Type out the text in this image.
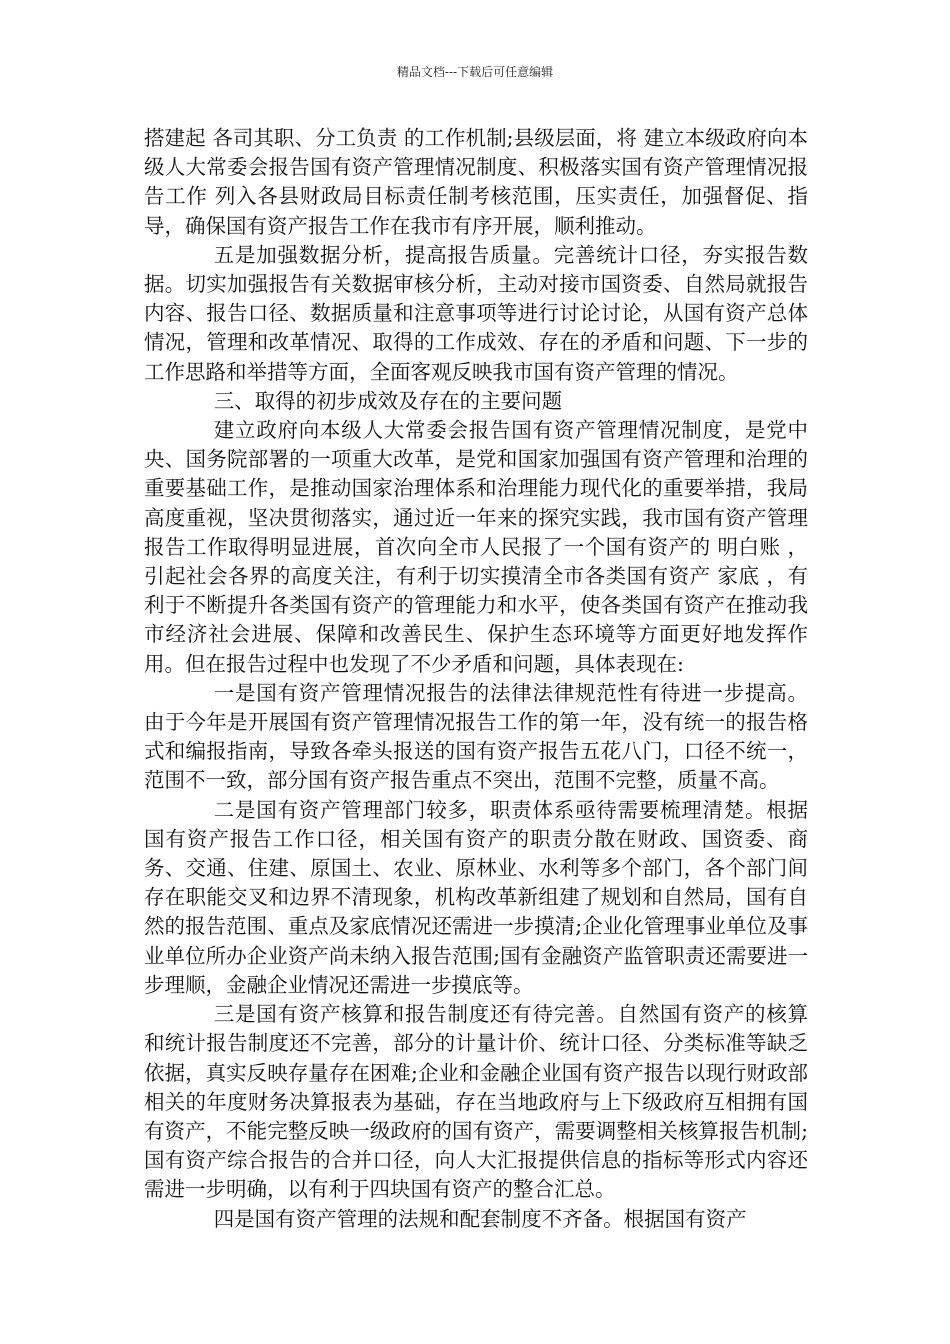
精品文档---下载后可任意编辑

搭建起 各司其职、分工负责 的工作机制;县级层面，将 建立本级政府向本级人大常委会报告国有资产管理情况制度、积极落实国有资产管理情况报告工作 列入各县财政局目标责任制考核范围，压实责任，加强督促、指导，确保国有资产报告工作在我市有序开展，顺利推动。

五是加强数据分析，提高报告质量。完善统计口径，夯实报告数据。切实加强报告有关数据审核分析，主动对接市国资委、自然局就报告内容、报告口径、数据质量和注意事项等进行讨论讨论，从国有资产总体情况，管理和改革情况、取得的工作成效、存在的矛盾和问题、下一步的工作思路和举措等方面，全面客观反映我市国有资产管理的情况。

三、取得的初步成效及存在的主要问题

建立政府向本级人大常委会报告国有资产管理情况制度，是党中央、国务院部署的一项重大改革，是党和国家加强国有资产管理和治理的重要基础工作，是推动国家治理体系和治理能力现代化的重要举措，我局高度重视，坚决贯彻落实，通过近一年来的探究实践，我市国有资产管理报告工作取得明显进展，首次向全市人民报了一个国有资产的 明白账 ，引起社会各界的高度关注，有利于切实摸清全市各类国有资产 家底 ，有利于不断提升各类国有资产的管理能力和水平，使各类国有资产在推动我市经济社会进展、保障和改善民生、保护生态环境等方面更好地发挥作用。但在报告过程中也发现了不少矛盾和问题，具体表现在:

一是国有资产管理情况报告的法律法律规范性有待进一步提高。由于今年是开展国有资产管理情况报告工作的第一年，没有统一的报告格式和编报指南，导致各牵头报送的国有资产报告五花八门，口径不统一，范围不一致，部分国有资产报告重点不突出，范围不完整，质量不高。

二是国有资产管理部门较多，职责体系亟待需要梳理清楚。根据国有资产报告工作口径，相关国有资产的职责分散在财政、国资委、商务、交通、住建、原国土、农业、原林业、水利等多个部门，各个部门间存在职能交叉和边界不清现象，机构改革新组建了规划和自然局，国有自然的报告范围、重点及家底情况还需进一步摸清;企业化管理事业单位及事业单位所办企业资产尚未纳入报告范围;国有金融资产监管职责还需要进一步理顺，金融企业情况还需进一步摸底等。

三是国有资产核算和报告制度还有待完善。自然国有资产的核算和统计报告制度还不完善，部分的计量计价、统计口径、分类标准等缺乏依据，真实反映存量存在困难;企业和金融企业国有资产报告以现行财政部相关的年度财务决算报表为基础，存在当地政府与上下级政府互相拥有国有资产，不能完整反映一级政府的国有资产，需要调整相关核算报告机制;国有资产综合报告的合并口径，向人大汇报提供信息的指标等形式内容还需进一步明确，以有利于四块国有资产的整合汇总。

四是国有资产管理的法规和配套制度不齐备。根据国有资产
